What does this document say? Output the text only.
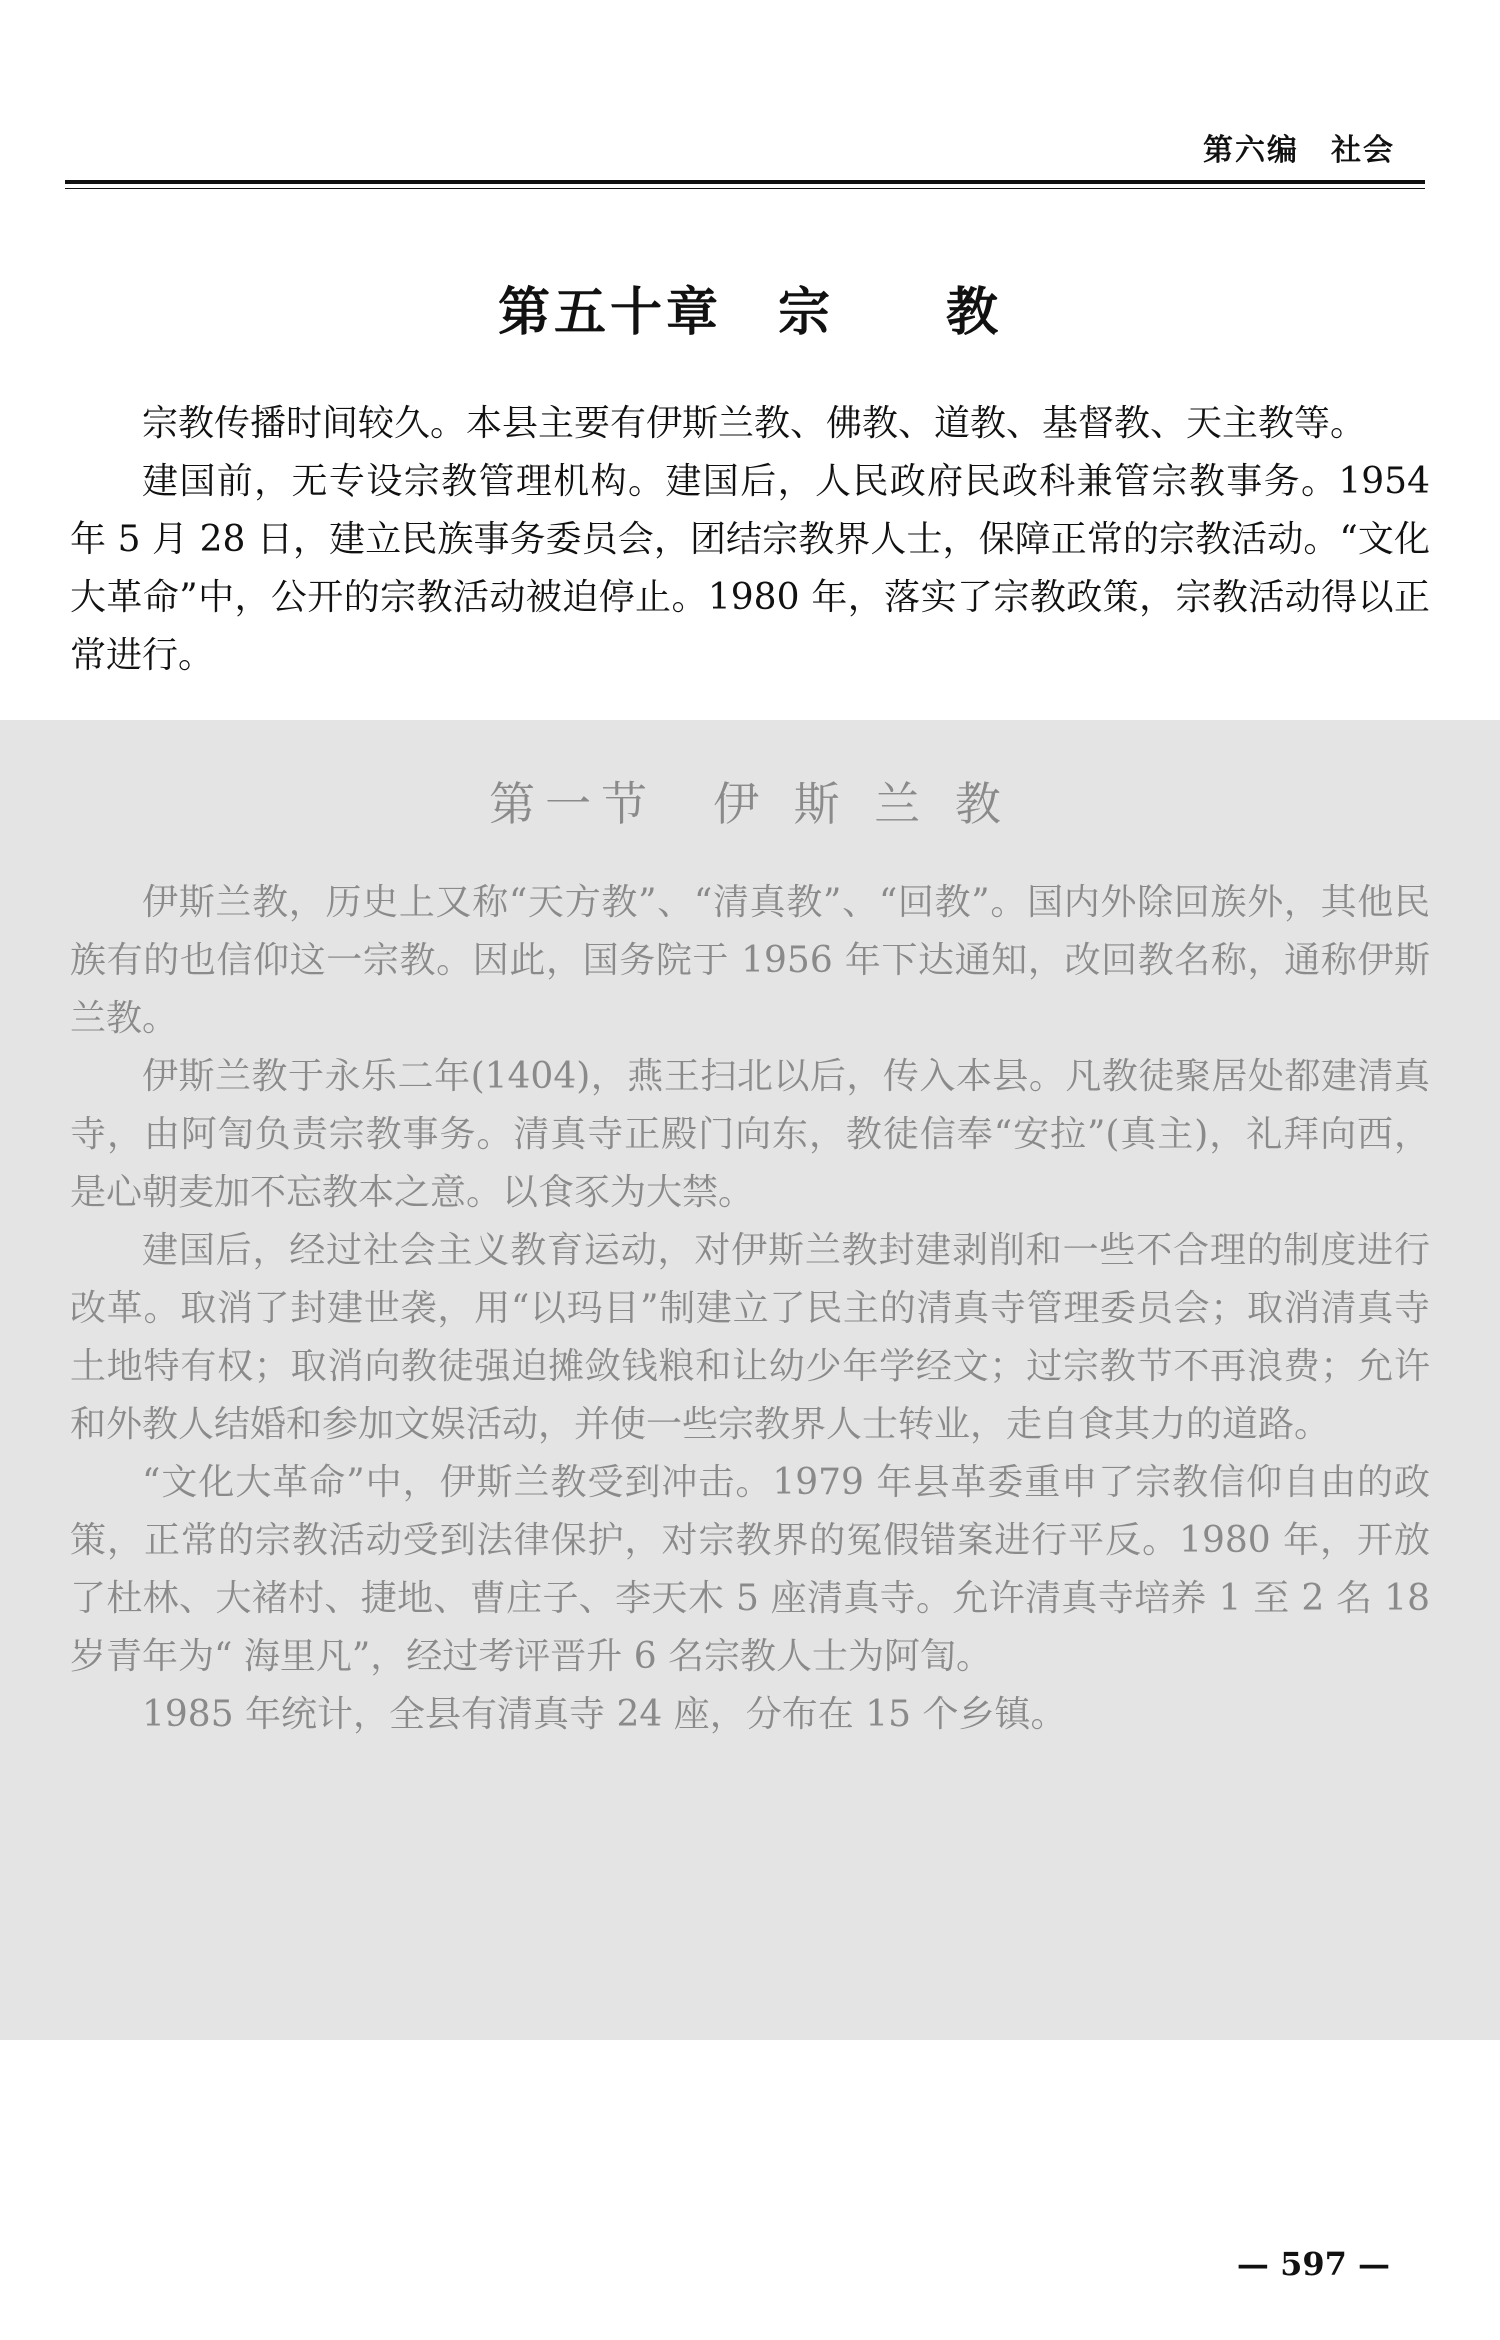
第六编　社会
第五十章　宗　　教

宗教传播时间较久。本县主要有伊斯兰教、佛教、道教、基督教、天主教等。

建国前，无专设宗教管理机构。建国后，人民政府民政科兼管宗教事务。1954 年 5 月 28 日，建立民族事务委员会，团结宗教界人士，保障正常的宗教活动。“文化大革命”中，公开的宗教活动被迫停止。1980 年，落实了宗教政策，宗教活动得以正常进行。

第一节　伊 斯 兰 教

伊斯兰教，历史上又称“天方教”、“清真教”、“回教”。国内外除回族外，其他民族有的也信仰这一宗教。因此，国务院于 1956 年下达通知，改回教名称，通称伊斯兰教。

伊斯兰教于永乐二年(1404)，燕王扫北以后，传入本县。凡教徒聚居处都建清真寺，由阿訇负责宗教事务。清真寺正殿门向东，教徒信奉“安拉”(真主)，礼拜向西，是心朝麦加不忘教本之意。以食豕为大禁。

建国后，经过社会主义教育运动，对伊斯兰教封建剥削和一些不合理的制度进行改革。取消了封建世袭，用“以玛目”制建立了民主的清真寺管理委员会；取消清真寺土地特有权；取消向教徒强迫摊敛钱粮和让幼少年学经文；过宗教节不再浪费；允许和外教人结婚和参加文娱活动，并使一些宗教界人士转业，走自食其力的道路。

“文化大革命”中，伊斯兰教受到冲击。1979 年县革委重申了宗教信仰自由的政策，正常的宗教活动受到法律保护，对宗教界的冤假错案进行平反。1980 年，开放了杜林、大褚村、捷地、曹庄子、李天木 5 座清真寺。允许清真寺培养 1 至 2 名 18 岁青年为“ 海里凡”，经过考评晋升 6 名宗教人士为阿訇。

1985 年统计，全县有清真寺 24 座，分布在 15 个乡镇。

— 597 —
